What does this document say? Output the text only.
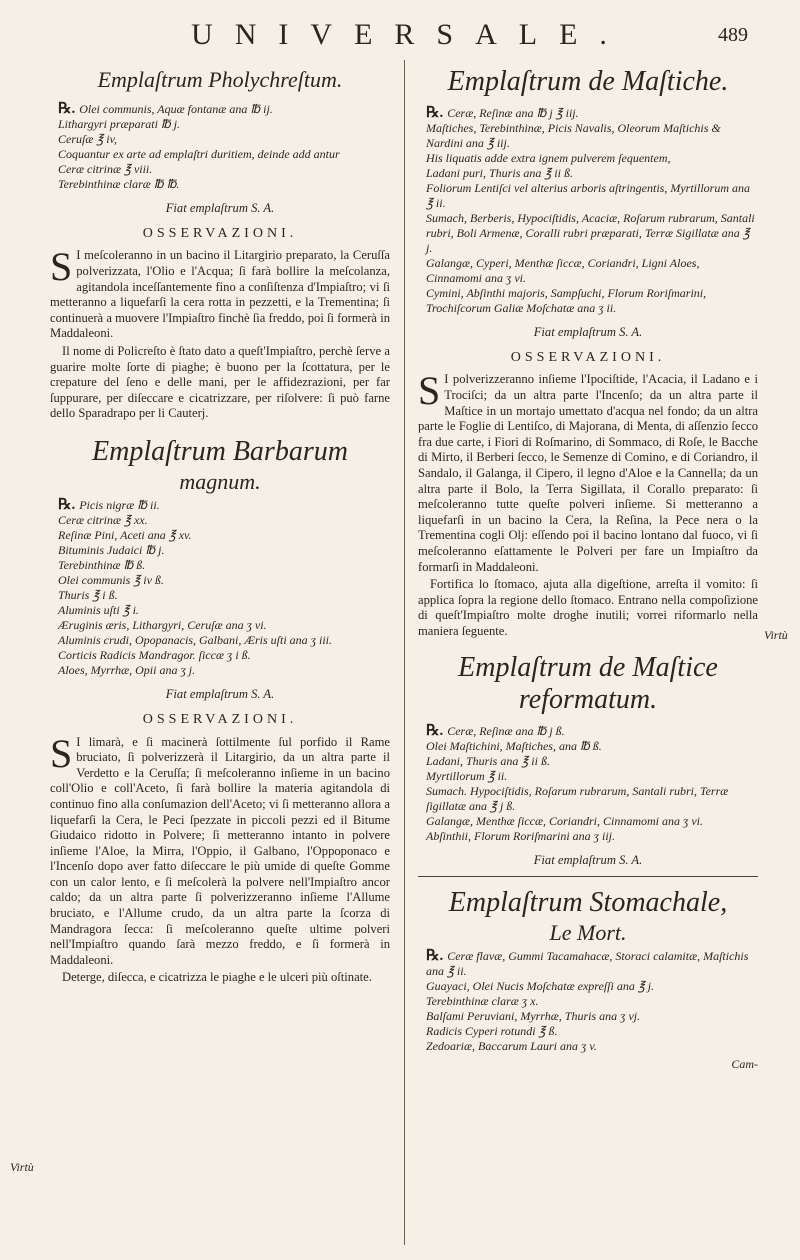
UNIVERSALE.	489
Emplaſtrum Pholychreſtum.
℞. Olei communis, Aquæ fontanæ ana ℔ ij.
Lithargyri præparati ℔ j.
Ceruſæ ℥ iv,
Coquantur ex arte ad emplaſtri duritiem, deinde add antur
Ceræ citrinæ ℥ viii.
Terebinthinæ claræ ℔ ℔.
Fiat emplaſtrum S. A.
OSSERVAZIONI.

S I meſcoleranno in un bacino il Litargirio preparato, la Ceruſſa polverizzata, l'Olio e l'Acqua; ſi farà bollire la meſcolanza, agitandola inceſſantemente fino a conſiſtenza d'Impiaſtro; vi ſi metteranno a liquefarſi la cera rotta in pezzetti, e la Trementina; ſi continuerà a muovere l'Impiaſtro finchè ſia freddo, poi ſi formerà in Maddaleoni.

Il nome di Policreſto è ſtato dato a queſt'Impiaſtro, perchè ſerve a guarire molte ſorte di piaghe; è buono per la ſcottatura, per le crepature del ſeno e delle mani, per le affidezrazioni, per far ſuppurare, per diſeccare e cicatrizzare, per riſolvere: ſi può farne dello Sparadrapo per li Cauterj.

Emplaſtrum Barbarum
magnum.
℞. Picis nigræ ℔ ii.
Ceræ citrinæ ℥ xx.
Reſinæ Pini, Aceti ana ℥ xv.
Bituminis Judaici ℔ j.
Terebinthinæ ℔ ß.
Olei communis ℥ iv ß.
Thuris ℥ i ß.
Aluminis uſti ℥ i.
Æruginis æris, Lithargyri, Ceruſæ ana ʒ vi.
Aluminis crudi, Opopanacis, Galbani, Æris uſti ana ʒ iii.
Corticis Radicis Mandragor. ſiccæ ʒ i ß.
Aloes, Myrrhæ, Opii ana ʒ j.
Fiat emplaſtrum S. A.
OSSERVAZIONI.

S I limarà, e ſi macinerà ſottilmente ſul porfido il Rame bruciato, ſi polverizzerà il Litargirio, da un altra parte il Verdetto e la Ceruſſa; ſi meſcoleranno inſieme in un bacino coll'Olio e coll'Aceto, ſi farà bollire la materia agitandola di continuo fino alla conſumazion dell'Aceto; vi ſi metteranno allora a liquefarſi la Cera, le Peci ſpezzate in piccoli pezzi ed il Bitume Giudaico ridotto in Polvere; ſi metteranno intanto in polvere inſieme l'Aloe, la Mirra, l'Oppio, il Galbano, l'Oppoponaco e l'Incenſo dopo aver fatto diſeccare le più umide di queſte Gomme con un calor lento, e ſi meſcolerà la polvere nell'Impiaſtro ancor caldo; da un altra parte ſi polverizzeranno inſieme l'Allume bruciato, e l'Allume crudo, da un altra parte la ſcorza di Mandragora ſecca: ſi meſcoleranno queſte ultime polveri nell'Impiaſtro quando ſarà mezzo freddo, e ſi formerà in Maddaleoni.

Deterge, diſecca, e cicatrizza le piaghe e le ulceri più oſtinate.

Virtù
Emplaſtrum de Maſtiche.
℞. Ceræ, Reſinæ ana ℔ j ℥ iij.
Maſtiches, Terebinthinæ, Picis Navalis, Oleorum Maſtichis & Nardini ana ℥ iij.
His liquatis adde extra ignem pulverem ſequentem,
Ladani puri, Thuris ana ℥ ii ß.
Foliorum Lentiſci vel alterius arboris aſtringentis, Myrtillorum ana ℥ ii.
Sumach, Berberis, Hypociſtidis, Acaciæ, Roſarum rubrarum, Santali rubri, Boli Armenæ, Coralli rubri præparati, Terræ Sigillatæ ana ℥ j.
Galangæ, Cyperi, Menthæ ſiccæ, Coriandri, Ligni Aloes, Cinnamomi ana ʒ vi.
Cymini, Abſinthi majoris, Sampſuchi, Florum Roriſmarini, Trochiſcorum Galiæ Moſchatæ ana ʒ ii.
Fiat emplaſtrum S. A.
OSSERVAZIONI.

S I polverizzeranno inſieme l'Ipociſtide, l'Acacia, il Ladano e i Trociſci; da un altra parte l'Incenſo; da un altra parte il Maſtice in un mortajo umettato d'acqua nel fondo; da un altra parte le Foglie di Lentiſco, di Majorana, di Menta, di aſſenzio ſecco fra due carte, i Fiori di Roſmarino, di Sommaco, di Roſe, le Bacche di Mirto, il Berberi ſecco, le Semenze di Comino, e di Coriandro, il Sandalo, il Galanga, il Cipero, il legno d'Aloe e la Cannella; da un altra parte il Bolo, la Terra Sigillata, il Corallo preparato: ſi meſcoleranno tutte queſte polveri inſieme. Si metteranno a liquefarſi in un bacino la Cera, la Reſina, la Pece nera o la Trementina cogli Olj: eſſendo poi il bacino lontano dal fuoco, vi ſi meſcoleranno eſattamente le Polveri per fare un Impiaſtro da formarſi in Maddaleoni.

Fortifica lo ſtomaco, ajuta alla digeſtione, arreſta il vomito: ſi applica ſopra la regione dello ſtomaco. Entrano nella compoſizione di queſt'Impiaſtro molte droghe inutili; vorrei riformarlo nella maniera ſeguente.

Emplaſtrum de Maſtice reformatum.
℞. Ceræ, Reſinæ ana ℔ j ß.
Olei Maſtichini, Maſtiches, ana ℔ ß.
Ladani, Thuris ana ℥ ii ß.
Myrtillorum ℥ ii.
Sumach. Hypociſtidis, Roſarum rubrarum, Santali rubri, Terræ ſigillatæ ana ℥ j ß.
Galangæ, Menthæ ſiccæ, Coriandri, Cinnamomi ana ʒ vi.
Abſinthii, Florum Roriſmarini ana ʒ iij.
Fiat emplaſtrum S. A.
Emplaſtrum Stomachale,
Le Mort.
℞. Ceræ flavæ, Gummi Tacamahacæ, Storaci calamitæ, Maſtichis ana ℥ ii.
Guayaci, Olei Nucis Moſchatæ expreſſi ana ℥ j.
Terebinthinæ claræ ʒ x.
Balſami Peruviani, Myrrhæ, Thuris ana ʒ vj.
Radicis Cyperi rotundi ℥ ß.
Zedoariæ, Baccarum Lauri ana ʒ v.
Cam-
Virtù
